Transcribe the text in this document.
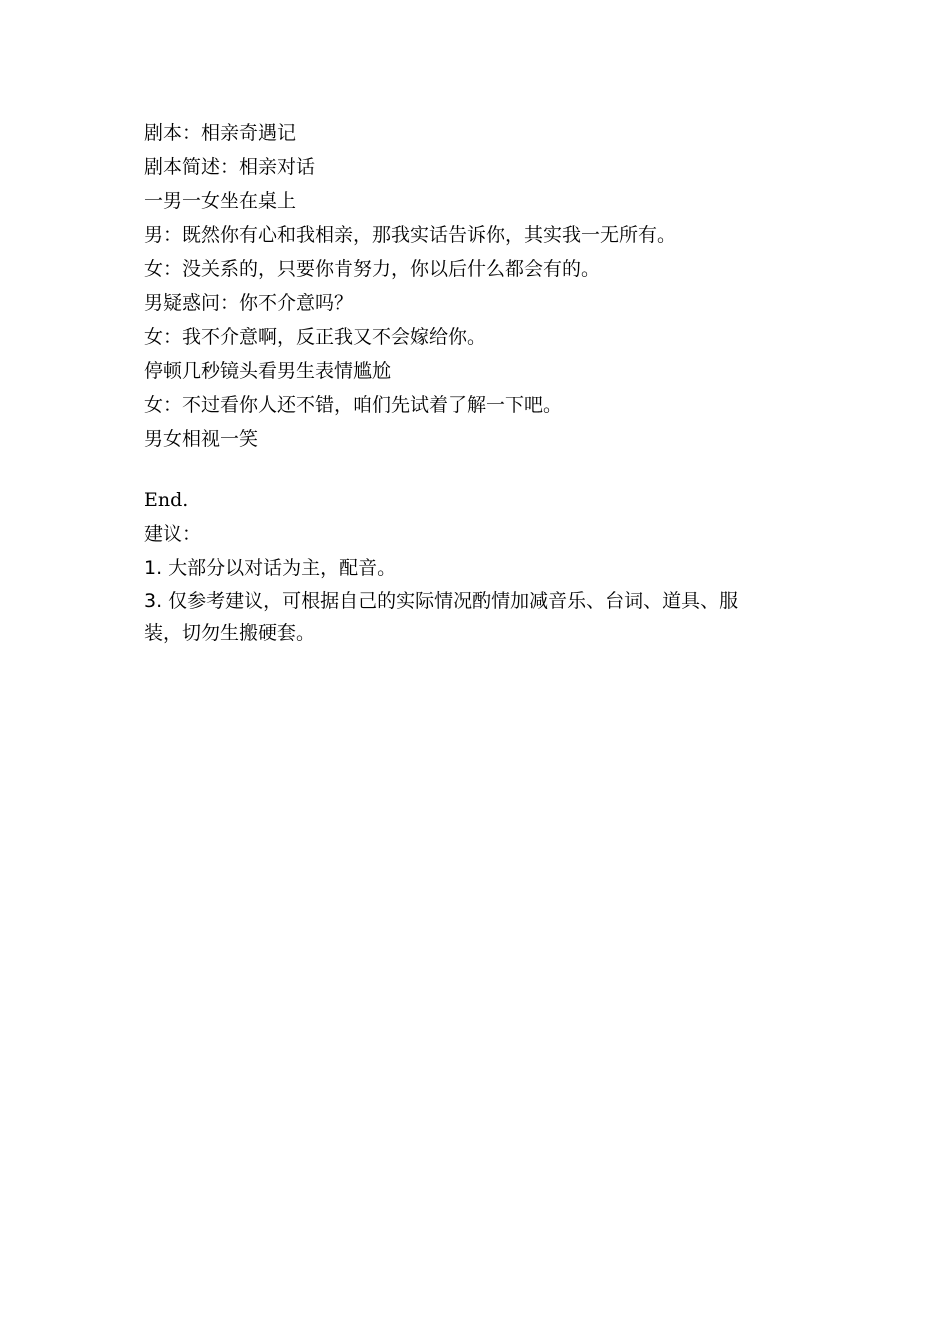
剧本：相亲奇遇记

剧本简述：相亲对话

一男一女坐在桌上

男：既然你有心和我相亲，那我实话告诉你，其实我一无所有。

女：没关系的，只要你肯努力，你以后什么都会有的。

男疑惑问：你不介意吗？

女：我不介意啊，反正我又不会嫁给你。

停顿几秒镜头看男生表情尴尬

女：不过看你人还不错，咱们先试着了解一下吧。

男女相视一笑

End.

建议：

1. 大部分以对话为主，配音。

3. 仅参考建议，可根据自己的实际情况酌情加减音乐、台词、道具、服装，切勿生搬硬套。
